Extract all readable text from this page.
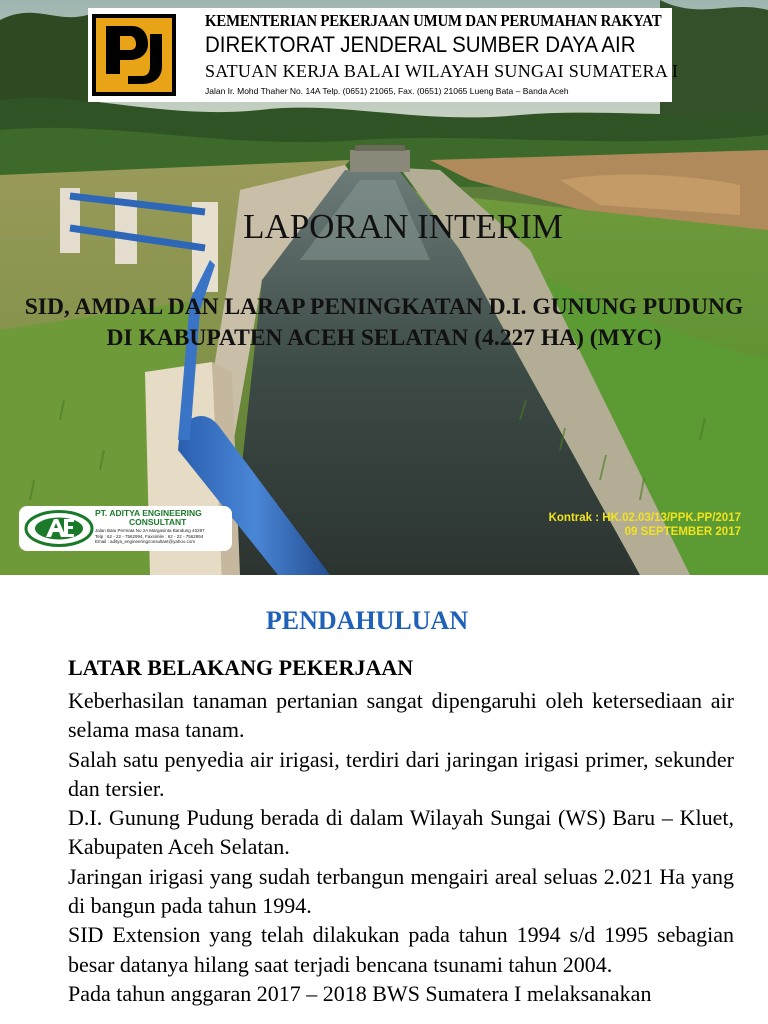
KEMENTERIAN PEKERJAAN UMUM DAN PERUMAHAN RAKYAT
DIREKTORAT JENDERAL SUMBER DAYA AIR
SATUAN KERJA BALAI WILAYAH SUNGAI SUMATERA I
Jalan Ir. Mohd Thaher No. 14A Telp. (0651) 21065, Fax. (0651) 21065 Lueng Bata – Banda Aceh
LAPORAN INTERIM
SID, AMDAL DAN LARAP PENINGKATAN D.I. GUNUNG PUDUNG DI KABUPATEN ACEH SELATAN (4.227 HA) (MYC)
PT. ADITYA ENGINEERING
CONSULTANT
Jalan Batu Permata No 2A Margasinta Bandung 40287
Telp : 62 - 22 - 7562994, Faxsimile : 62 - 22 - 7562994
Email : aditya_engineeringconsultant@yahoo.com
Kontrak : HK.02.03/13/PPK.PP/2017
09 SEPTEMBER 2017
PENDAHULUAN
LATAR BELAKANG PEKERJAAN

Keberhasilan tanaman pertanian sangat dipengaruhi oleh ketersediaan air selama masa tanam.

Salah satu penyedia air irigasi, terdiri dari jaringan irigasi primer, sekunder dan tersier.

D.I. Gunung Pudung berada di dalam Wilayah Sungai (WS) Baru – Kluet, Kabupaten Aceh Selatan.

Jaringan irigasi yang sudah terbangun mengairi areal seluas 2.021 Ha yang di bangun pada tahun 1994.

SID Extension yang telah dilakukan pada tahun 1994 s/d 1995 sebagian besar datanya hilang saat terjadi bencana tsunami tahun 2004.

Pada tahun anggaran 2017 – 2018 BWS Sumatera I melaksanakan
